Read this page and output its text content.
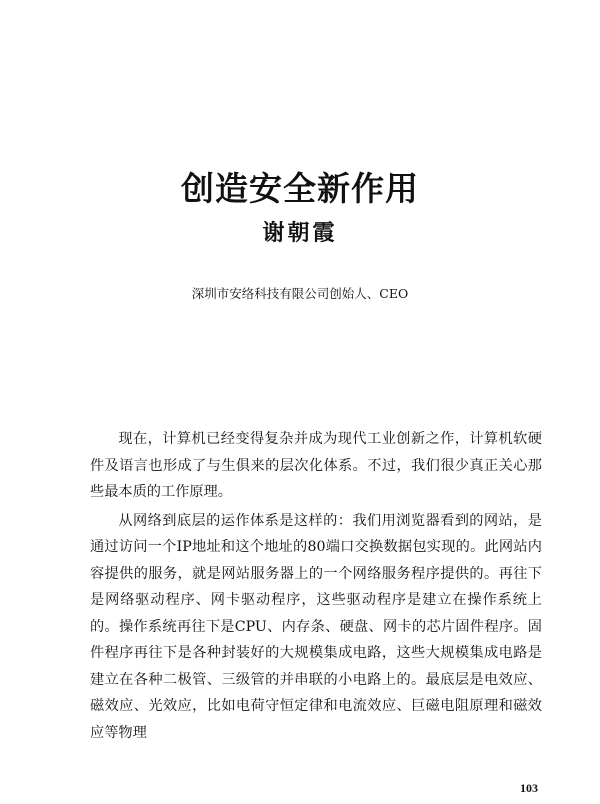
创造安全新作用
谢朝霞
深圳市安络科技有限公司创始人、CEO

现在，计算机已经变得复杂并成为现代工业创新之作，计算机软硬件及语言也形成了与生俱来的层次化体系。不过，我们很少真正关心那些最本质的工作原理。

从网络到底层的运作体系是这样的：我们用浏览器看到的网站，是通过访问一个IP地址和这个地址的80端口交换数据包实现的。此网站内容提供的服务，就是网站服务器上的一个网络服务程序提供的。再往下是网络驱动程序、网卡驱动程序，这些驱动程序是建立在操作系统上的。操作系统再往下是CPU、内存条、硬盘、网卡的芯片固件程序。固件程序再往下是各种封装好的大规模集成电路，这些大规模集成电路是建立在各种二极管、三级管的并串联的小电路上的。最底层是电效应、磁效应、光效应，比如电荷守恒定律和电流效应、巨磁电阻原理和磁效应等物理

103
